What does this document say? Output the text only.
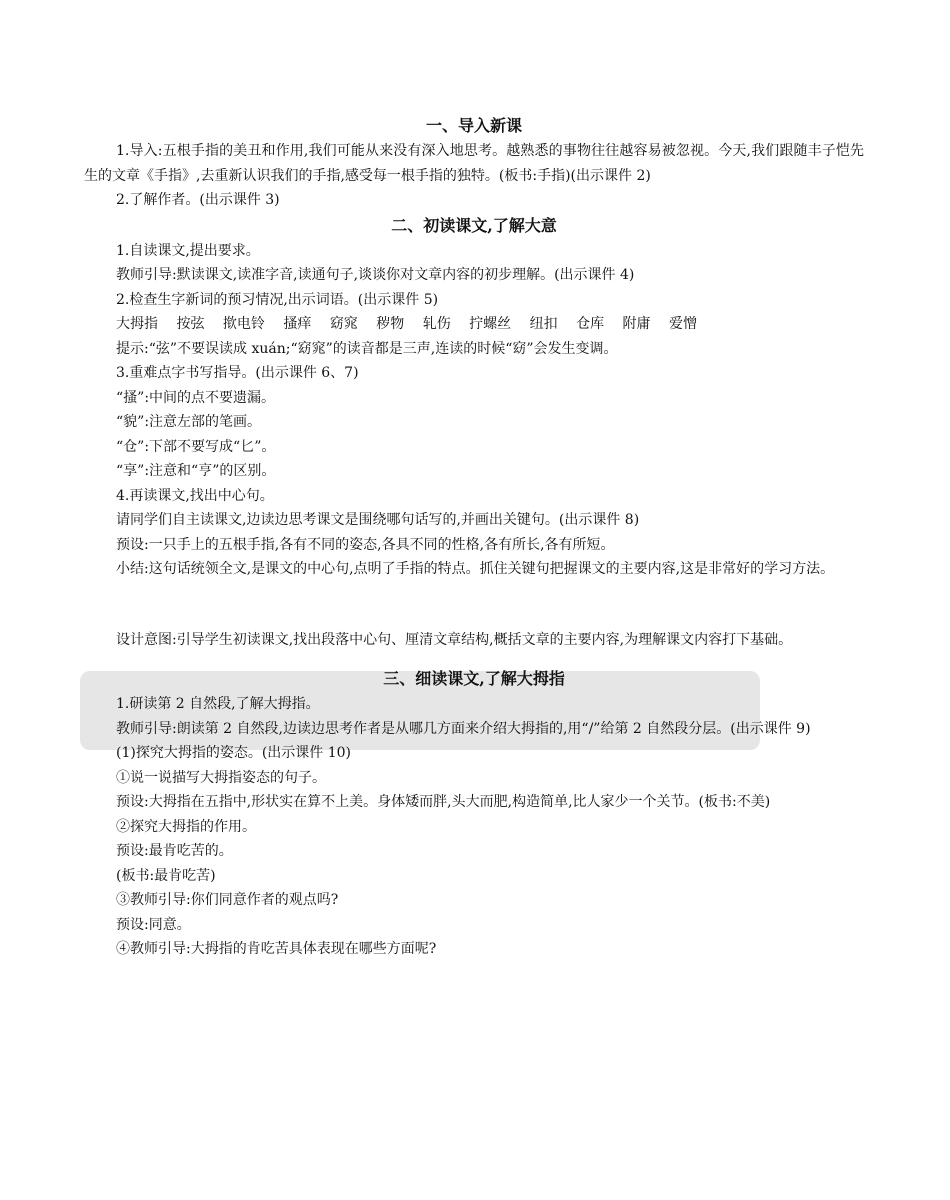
一、导入新课

1.导入:五根手指的美丑和作用,我们可能从来没有深入地思考。越熟悉的事物往往越容易被忽视。今天,我们跟随丰子恺先生的文章《手指》,去重新认识我们的手指,感受每一根手指的独特。(板书:手指)(出示课件 2)

2.了解作者。(出示课件 3)

二、初读课文,了解大意

1.自读课文,提出要求。

教师引导:默读课文,读准字音,读通句子,谈谈你对文章内容的初步理解。(出示课件 4)

2.检查生字新词的预习情况,出示词语。(出示课件 5)

大拇指 按弦 揿电铃 搔痒 窈窕 秽物 轧伤 拧螺丝 纽扣 仓库 附庸 爱憎

提示:“弦”不要误读成 xuán;“窈窕”的读音都是三声,连读的时候“窈”会发生变调。

3.重难点字书写指导。(出示课件 6、7)

“搔”:中间的点不要遗漏。

“貌”:注意左部的笔画。

“仓”:下部不要写成“匕”。

“享”:注意和“亨”的区别。

4.再读课文,找出中心句。

请同学们自主读课文,边读边思考课文是围绕哪句话写的,并画出关键句。(出示课件 8)

预设:一只手上的五根手指,各有不同的姿态,各具不同的性格,各有所长,各有所短。

小结:这句话统领全文,是课文的中心句,点明了手指的特点。抓住关键句把握课文的主要内容,这是非常好的学习方法。

设计意图:引导学生初读课文,找出段落中心句、厘清文章结构,概括文章的主要内容,为理解课文内容打下基础。

三、细读课文,了解大拇指

1.研读第 2 自然段,了解大拇指。

教师引导:朗读第 2 自然段,边读边思考作者是从哪几方面来介绍大拇指的,用“/”给第 2 自然段分层。(出示课件 9)

(1)探究大拇指的姿态。(出示课件 10)

①说一说描写大拇指姿态的句子。

预设:大拇指在五指中,形状实在算不上美。身体矮而胖,头大而肥,构造简单,比人家少一个关节。(板书:不美)

②探究大拇指的作用。

预设:最肯吃苦的。

(板书:最肯吃苦)

③教师引导:你们同意作者的观点吗?

预设:同意。

④教师引导:大拇指的肯吃苦具体表现在哪些方面呢?
